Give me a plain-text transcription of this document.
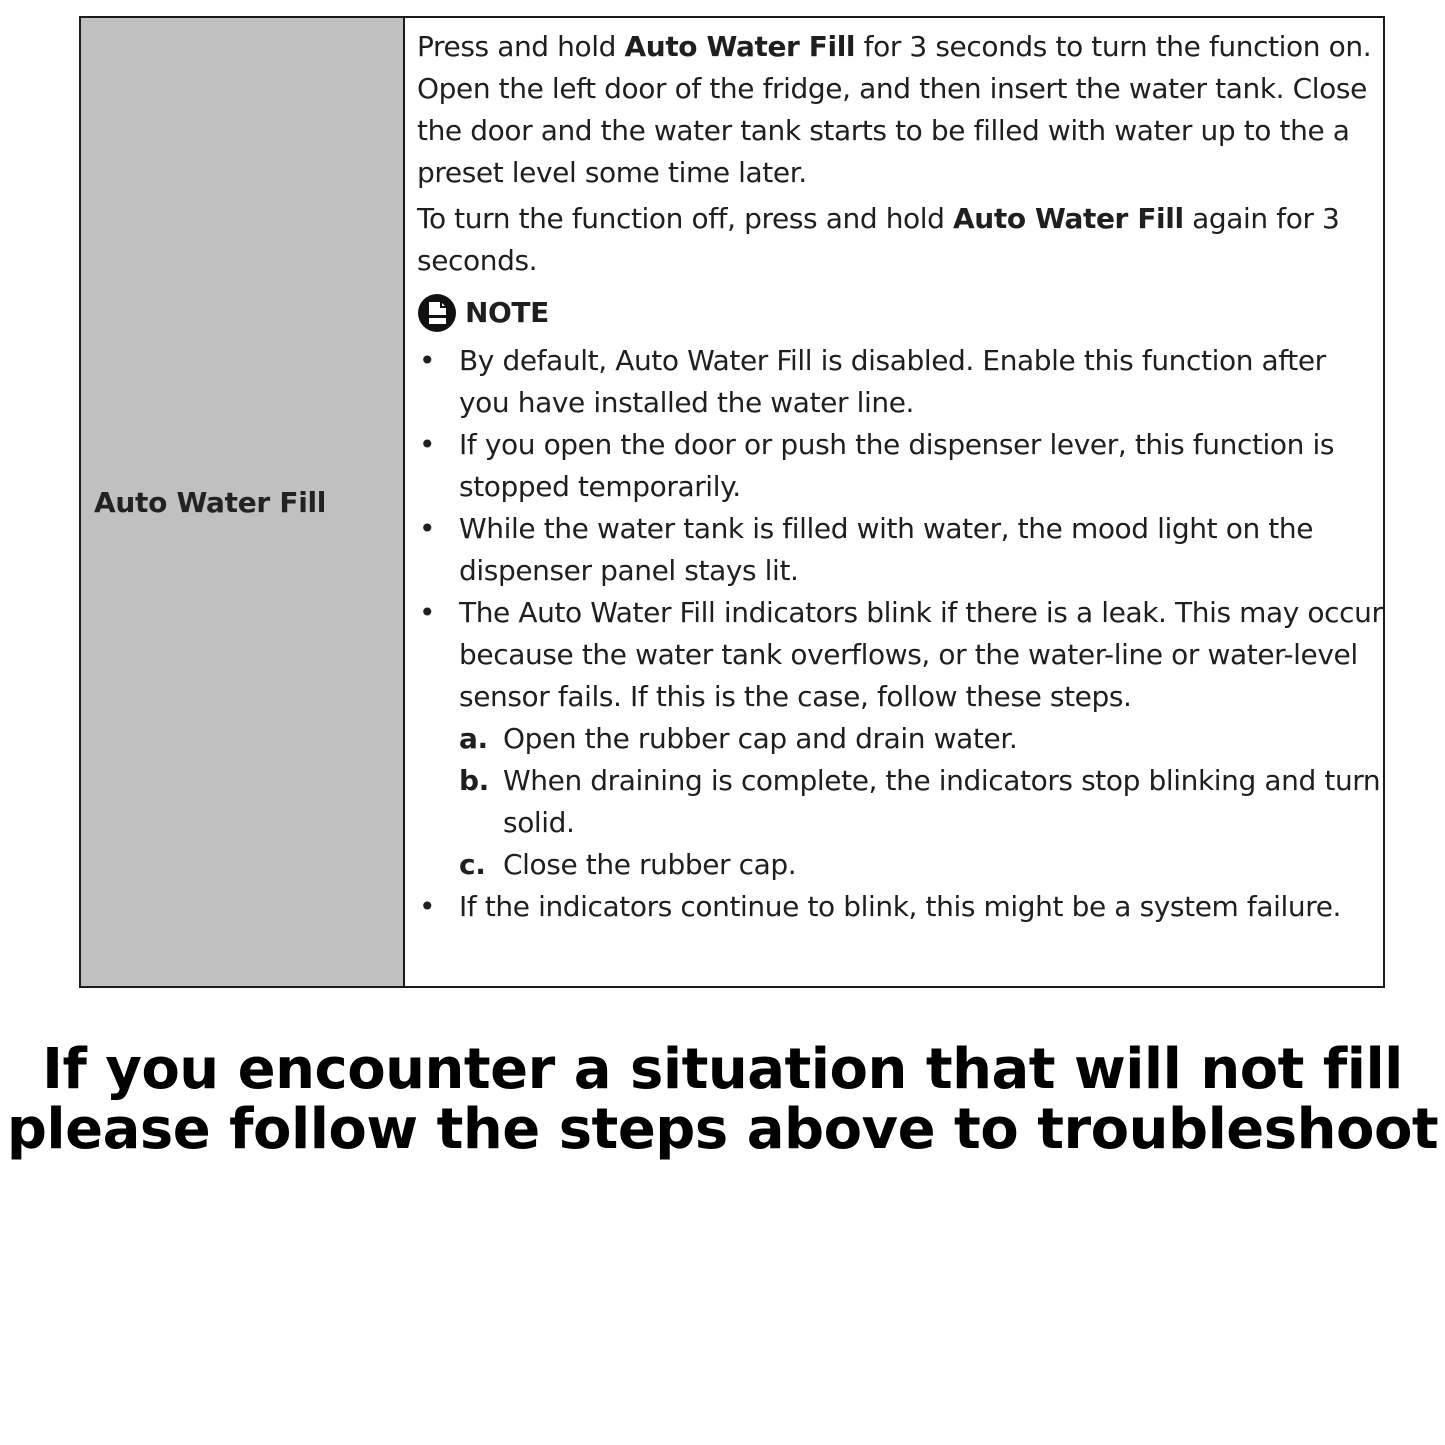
Auto Water Fill

Press and hold Auto Water Fill for 3 seconds to turn the function on. Open the left door of the fridge, and then insert the water tank. Close the door and the water tank starts to be filled with water up to the a preset level some time later.

To turn the function off, press and hold Auto Water Fill again for 3 seconds.

NOTE
• By default, Auto Water Fill is disabled. Enable this function after you have installed the water line.
• If you open the door or push the dispenser lever, this function is stopped temporarily.
• While the water tank is filled with water, the mood light on the dispenser panel stays lit.
• The Auto Water Fill indicators blink if there is a leak. This may occur because the water tank overflows, or the water-line or water-level sensor fails. If this is the case, follow these steps.
a. Open the rubber cap and drain water.
b. When draining is complete, the indicators stop blinking and turn solid.
c. Close the rubber cap.
• If the indicators continue to blink, this might be a system failure.
If you encounter a situation that will not fill
please follow the steps above to troubleshoot
